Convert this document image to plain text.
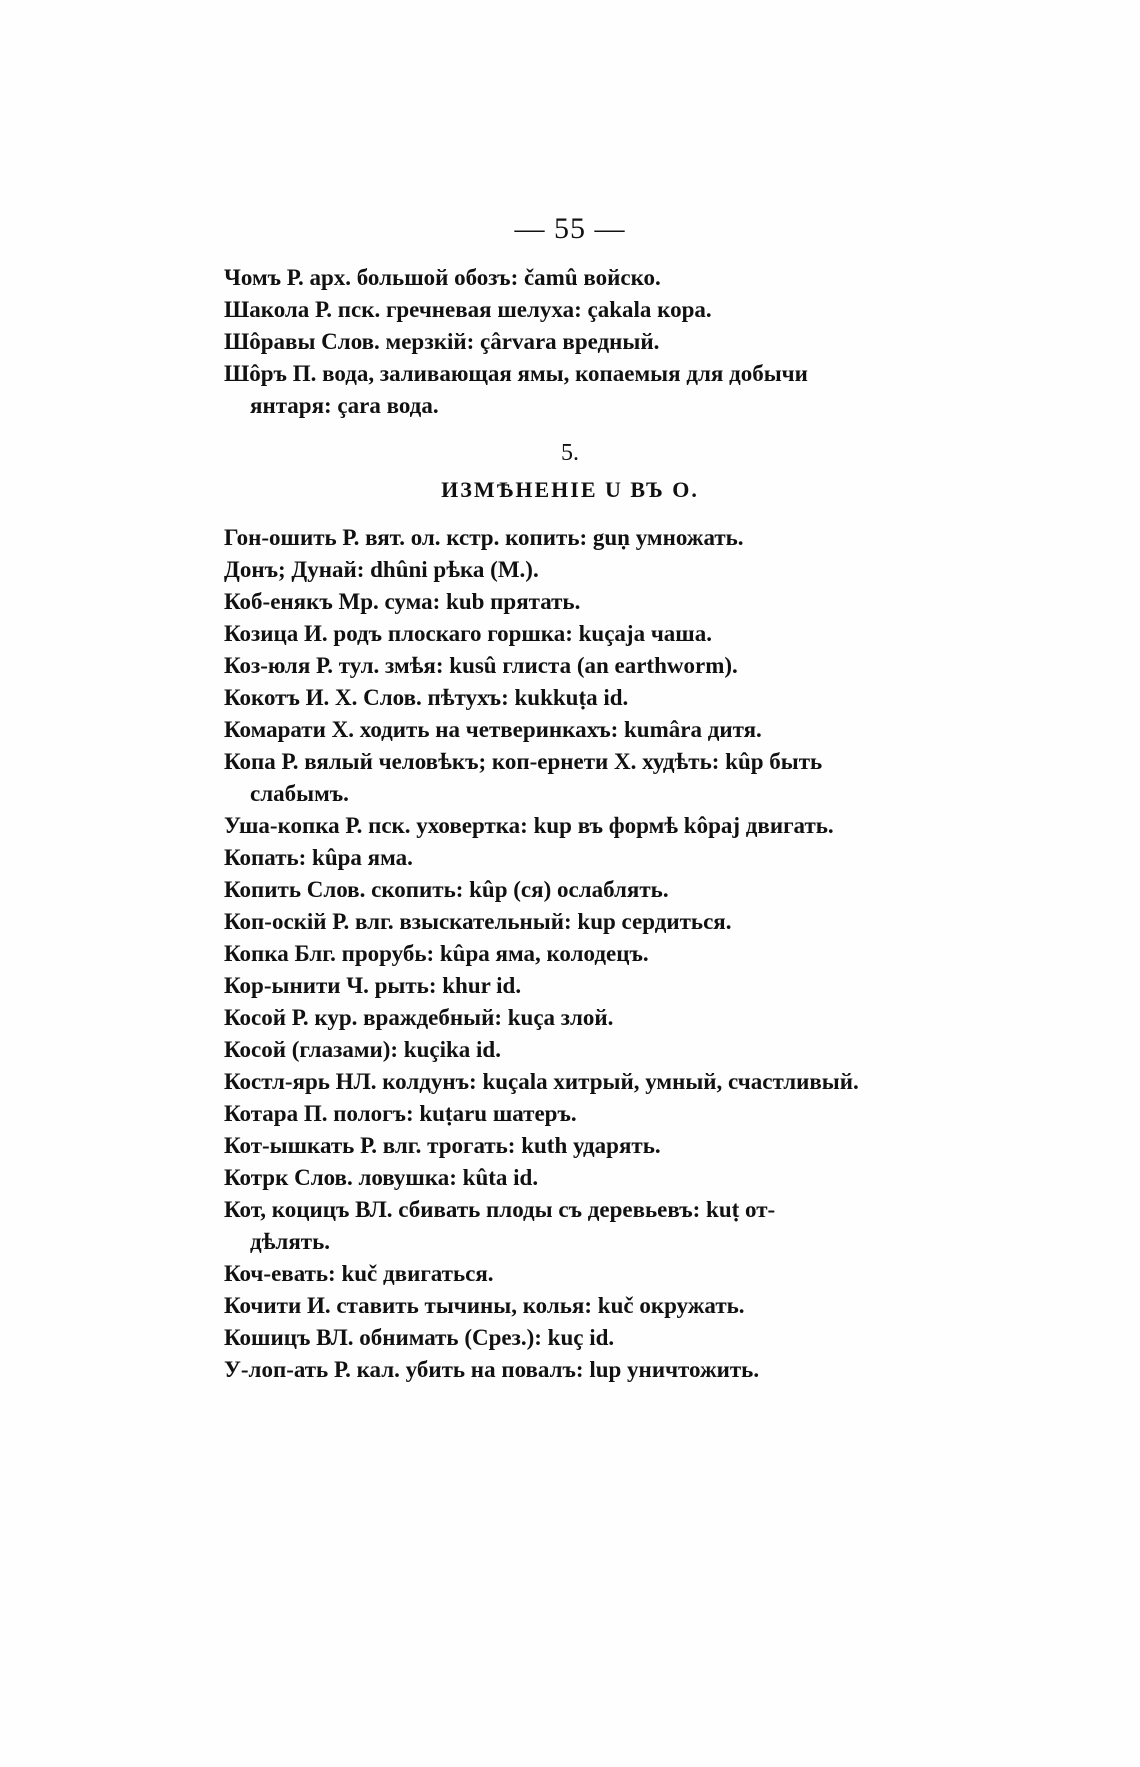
— 55 —
Чомъ Р. арх. большой обозъ: čamû войско.
Шакола Р. пск. гречневая шелуха: çakala кора.
Шôравы Слов. мерзкій: çârvara вредный.
Шôръ П. вода, заливающая ямы, копаемыя для добычи
янтаря: çara вода.
5.
ИЗМѢНЕНІЕ U ВЪ O.
Гон-ошить Р. вят. ол. кстр. копить: guṇ умножать.
Донъ; Дунай: dhûni рѣка (М.).
Коб-енякъ Мр. сума: kub прятать.
Козица И. родъ плоскаго горшка: kuçaja чаша.
Коз-юля Р. тул. змѣя: kusû глиста (an earthworm).
Кокотъ И. Х. Слов. пѣтухъ: kukkuṭa id.
Комарати Х. ходить на четверинкахъ: kumâra дитя.
Копа Р. вялый человѣкъ; коп-ернети Х. худѣть: kûp быть
слабымъ.
Уша-копка Р. пск. уховертка: kup въ формѣ kôpaj двигать.
Копать: kûpa яма.
Копить Слов. скопить: kûp (ся) ослаблять.
Коп-оскій Р. влг. взыскательный: kup сердиться.
Копка Блг. прорубь: kûpa яма, колодецъ.
Кор-ынити Ч. рыть: khur id.
Косой Р. кур. враждебный: kuça злой.
Косой (глазами): kuçika id.
Костл-ярь НЛ. колдунъ: kuçala хитрый, умный, счастливый.
Котара П. пологъ: kuṭaru шатеръ.
Кот-ышкать Р. влг. трогать: kuth ударять.
Котрк Слов. ловушка: kûta id.
Кот, коцицъ ВЛ. сбивать плоды съ деревьевъ: kuṭ от-
дѣлять.
Коч-евать: kuč двигаться.
Кочити И. ставить тычины, колья: kuč окружать.
Кошицъ ВЛ. обнимать (Срез.): kuç id.
У-лоп-ать Р. кал. убить на повалъ: lup уничтожить.
